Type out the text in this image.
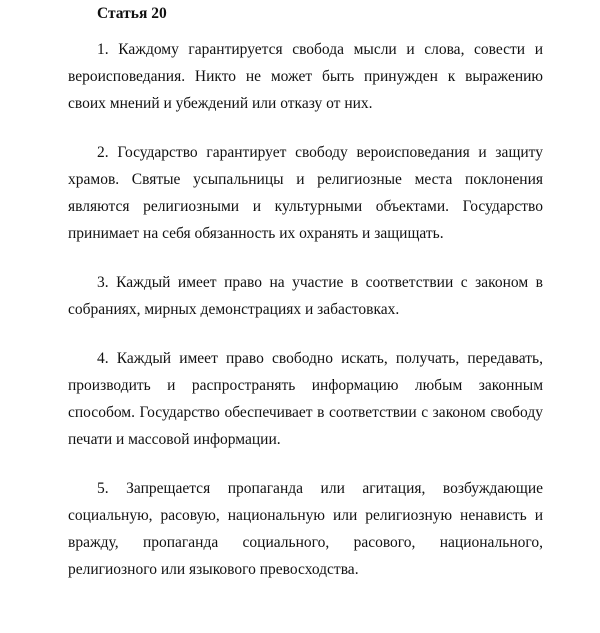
Статья 20

1. Каждому гарантируется свобода мысли и слова, совести и вероисповедания. Никто не может быть принужден к выражению своих мнений и убеждений или отказу от них.

2. Государство гарантирует свободу вероисповедания и защиту храмов. Святые усыпальницы и религиозные места поклонения являются религиозными и культурными объектами. Государство принимает на себя обязанность их охранять и защищать.

3. Каждый имеет право на участие в соответствии с законом в собраниях, мирных демонстрациях и забастовках.

4. Каждый имеет право свободно искать, получать, передавать, производить и распространять информацию любым законным способом. Государство обеспечивает в соответствии с законом свободу печати и массовой информации.

5. Запрещается пропаганда или агитация, возбуждающие социальную, расовую, национальную или религиозную ненависть и вражду, пропаганда социального, расового, национального, религиозного или языкового превосходства.
